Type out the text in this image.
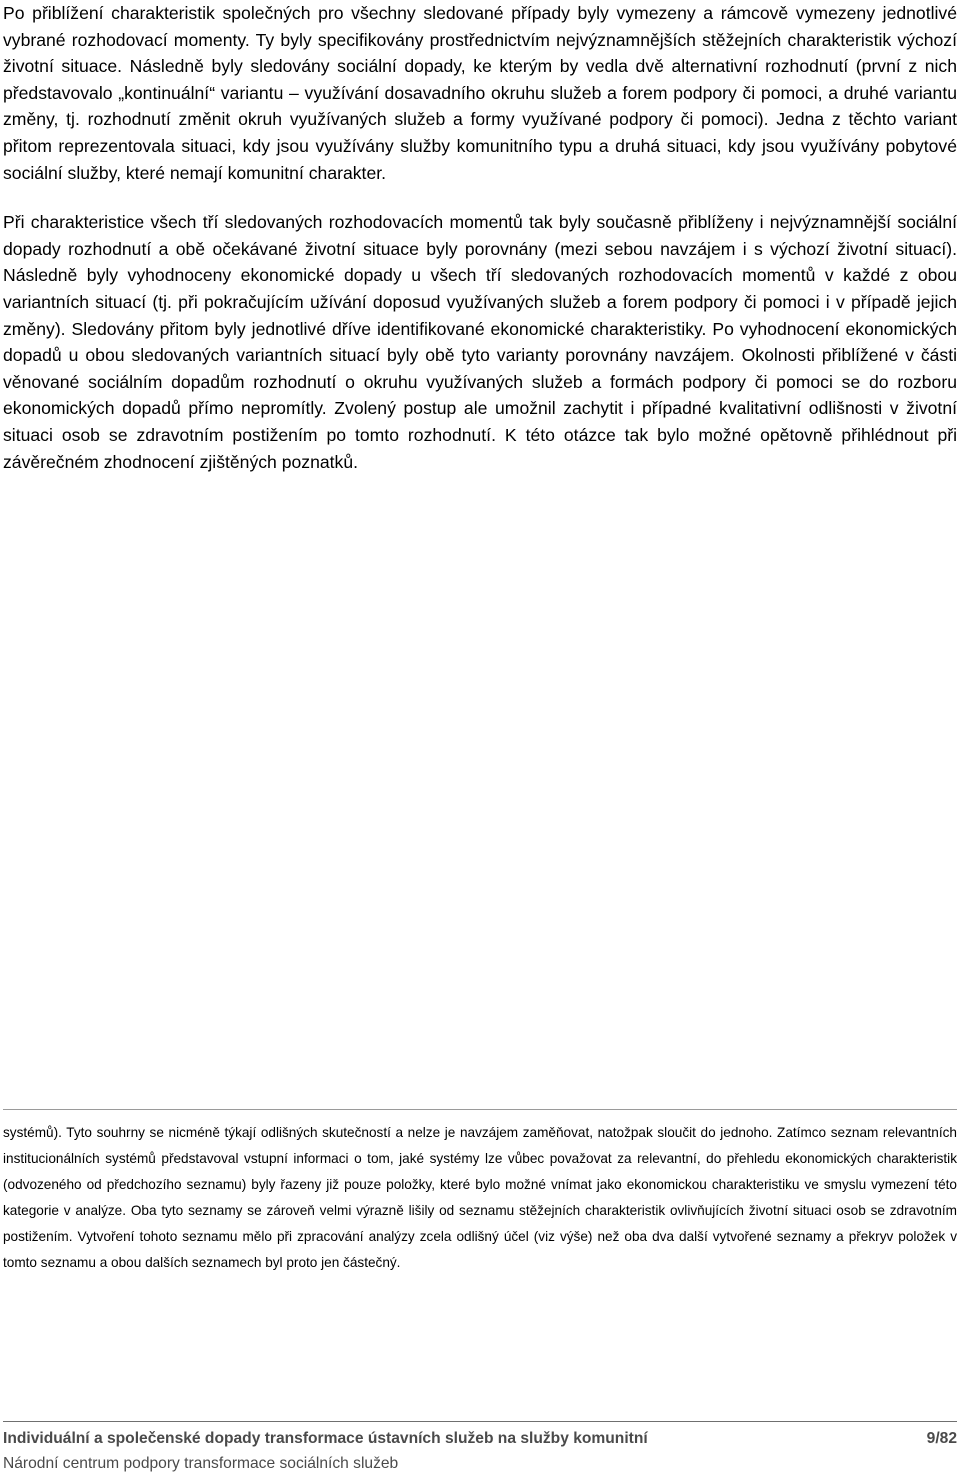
Po přiblížení charakteristik společných pro všechny sledované případy byly vymezeny a rámcově vymezeny jednotlivé vybrané rozhodovací momenty. Ty byly specifikovány prostřednictvím nejvýznamnějších stěžejních charakteristik výchozí životní situace. Následně byly sledovány sociální dopady, ke kterým by vedla dvě alternativní rozhodnutí (první z nich představovalo „kontinuální“ variantu – využívání dosavadního okruhu služeb a forem podpory či pomoci, a druhé variantu změny, tj. rozhodnutí změnit okruh využívaných služeb a formy využívané podpory či pomoci). Jedna z těchto variant přitom reprezentovala situaci, kdy jsou využívány služby komunitního typu a druhá situaci, kdy jsou využívány pobytové sociální služby, které nemají komunitní charakter.

Při charakteristice všech tří sledovaných rozhodovacích momentů tak byly současně přiblíženy i nejvýznamnější sociální dopady rozhodnutí a obě očekávané životní situace byly porovnány (mezi sebou navzájem i s výchozí životní situací). Následně byly vyhodnoceny ekonomické dopady u všech tří sledovaných rozhodovacích momentů v každé z obou variantních situací (tj. při pokračujícím užívání doposud využívaných služeb a forem podpory či pomoci i v případě jejich změny). Sledovány přitom byly jednotlivé dříve identifikované ekonomické charakteristiky. Po vyhodnocení ekonomických dopadů u obou sledovaných variantních situací byly obě tyto varianty porovnány navzájem. Okolnosti přiblížené v části věnované sociálním dopadům rozhodnutí o okruhu využívaných služeb a formách podpory či pomoci se do rozboru ekonomických dopadů přímo nepromítly. Zvolený postup ale umožnil zachytit i případné kvalitativní odlišnosti v životní situaci osob se zdravotním postižením po tomto rozhodnutí. K této otázce tak bylo možné opětovně přihlédnout při závěrečném zhodnocení zjištěných poznatků.

systémů). Tyto souhrny se nicméně týkají odlišných skutečností a nelze je navzájem zaměňovat, natožpak sloučit do jednoho. Zatímco seznam relevantních institucionálních systémů představoval vstupní informaci o tom, jaké systémy lze vůbec považovat za relevantní, do přehledu ekonomických charakteristik (odvozeného od předchozího seznamu) byly řazeny již pouze položky, které bylo možné vnímat jako ekonomickou charakteristiku ve smyslu vymezení této kategorie v analýze. Oba tyto seznamy se zároveň velmi výrazně lišily od seznamu stěžejních charakteristik ovlivňujících životní situaci osob se zdravotním postižením. Vytvoření tohoto seznamu mělo při zpracování analýzy zcela odlišný účel (viz výše) než oba dva další vytvořené seznamy a překryv položek v tomto seznamu a obou dalších seznamech byl proto jen částečný.

Individuální a společenské dopady transformace ústavních služeb na služby komunitní	9/82
Národní centrum podpory transformace sociálních služeb
